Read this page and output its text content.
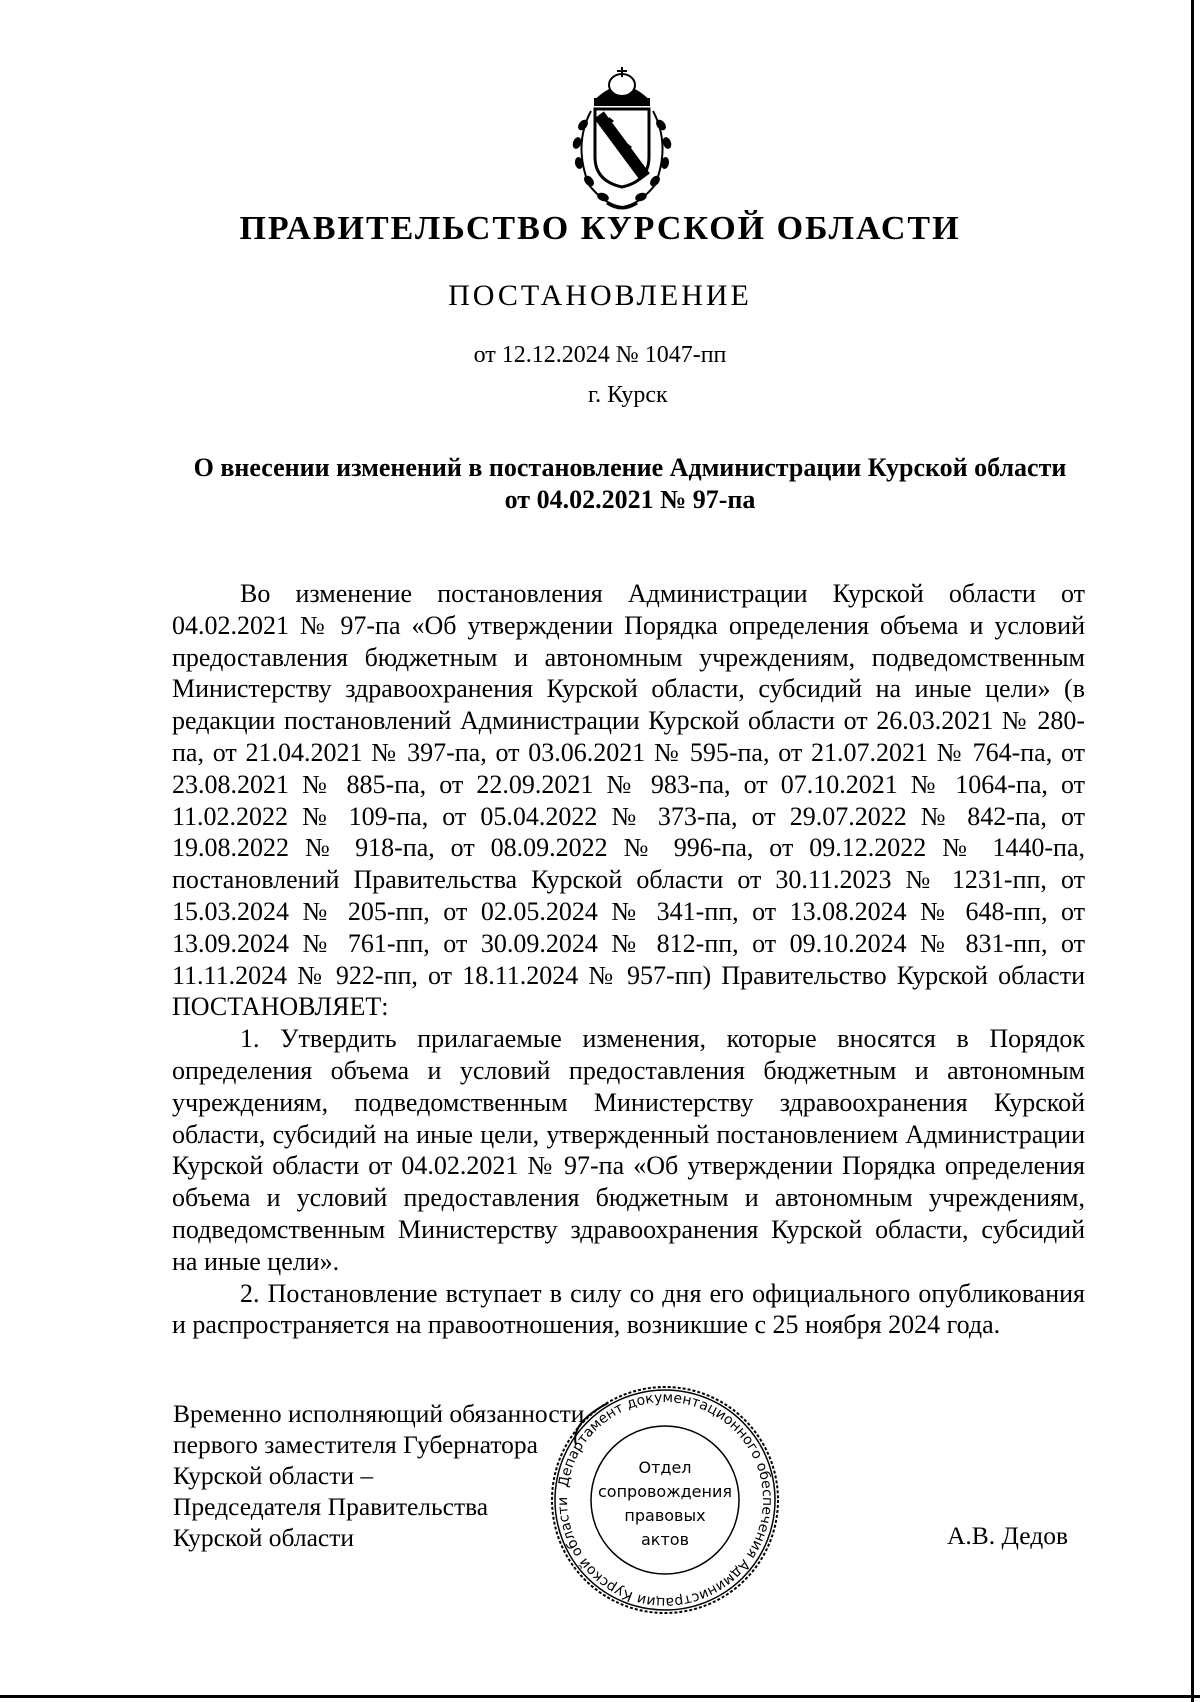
ПРАВИТЕЛЬСТВО КУРСКОЙ ОБЛАСТИ
ПОСТАНОВЛЕНИЕ
от 12.12.2024 № 1047-пп
г. Курск
О внесении изменений в постановление Администрации Курской области
от 04.02.2021 № 97-па

Во изменение постановления Администрации Курской области от 04.02.2021 № 97-па «Об утверждении Порядка определения объема и условий предоставления бюджетным и автономным учреждениям, подведомственным Министерству здравоохранения Курской области, субсидий на иные цели» (в редакции постановлений Администрации Курской области от 26.03.2021 № 280-па, от 21.04.2021 № 397-па, от 03.06.2021 № 595-па, от 21.07.2021 № 764-па, от 23.08.2021 № 885-па, от 22.09.2021 № 983-па, от 07.10.2021 № 1064-па, от 11.02.2022 № 109-па, от 05.04.2022 № 373-па, от 29.07.2022 № 842-па, от 19.08.2022 № 918-па, от 08.09.2022 № 996-па, от 09.12.2022 № 1440-па, постановлений Правительства Курской области от 30.11.2023 № 1231-пп, от 15.03.2024 № 205-пп, от 02.05.2024 № 341-пп, от 13.08.2024 № 648-пп, от 13.09.2024 № 761-пп, от 30.09.2024 № 812-пп, от 09.10.2024 № 831-пп, от 11.11.2024 № 922-пп, от 18.11.2024 № 957-пп) Правительство Курской области ПОСТАНОВЛЯЕТ:

1. Утвердить прилагаемые изменения, которые вносятся в Порядок определения объема и условий предоставления бюджетным и автономным учреждениям, подведомственным Министерству здравоохранения Курской области, субсидий на иные цели, утвержденный постановлением Администрации Курской области от 04.02.2021 № 97-па «Об утверждении Порядка определения объема и условий предоставления бюджетным и автономным учреждениям, подведомственным Министерству здравоохранения Курской области, субсидий на иные цели».

2. Постановление вступает в силу со дня его официального опубликования и распространяется на правоотношения, возникшие с 25 ноября 2024 года.

Временно исполняющий обязанности
первого заместителя Губернатора
Курской области –
Председателя Правительства
Курской области	А.В. Дедов
Департамент документационного обеспечения Администрации Курской области
Отдел
сопровождения
правовых
актов
